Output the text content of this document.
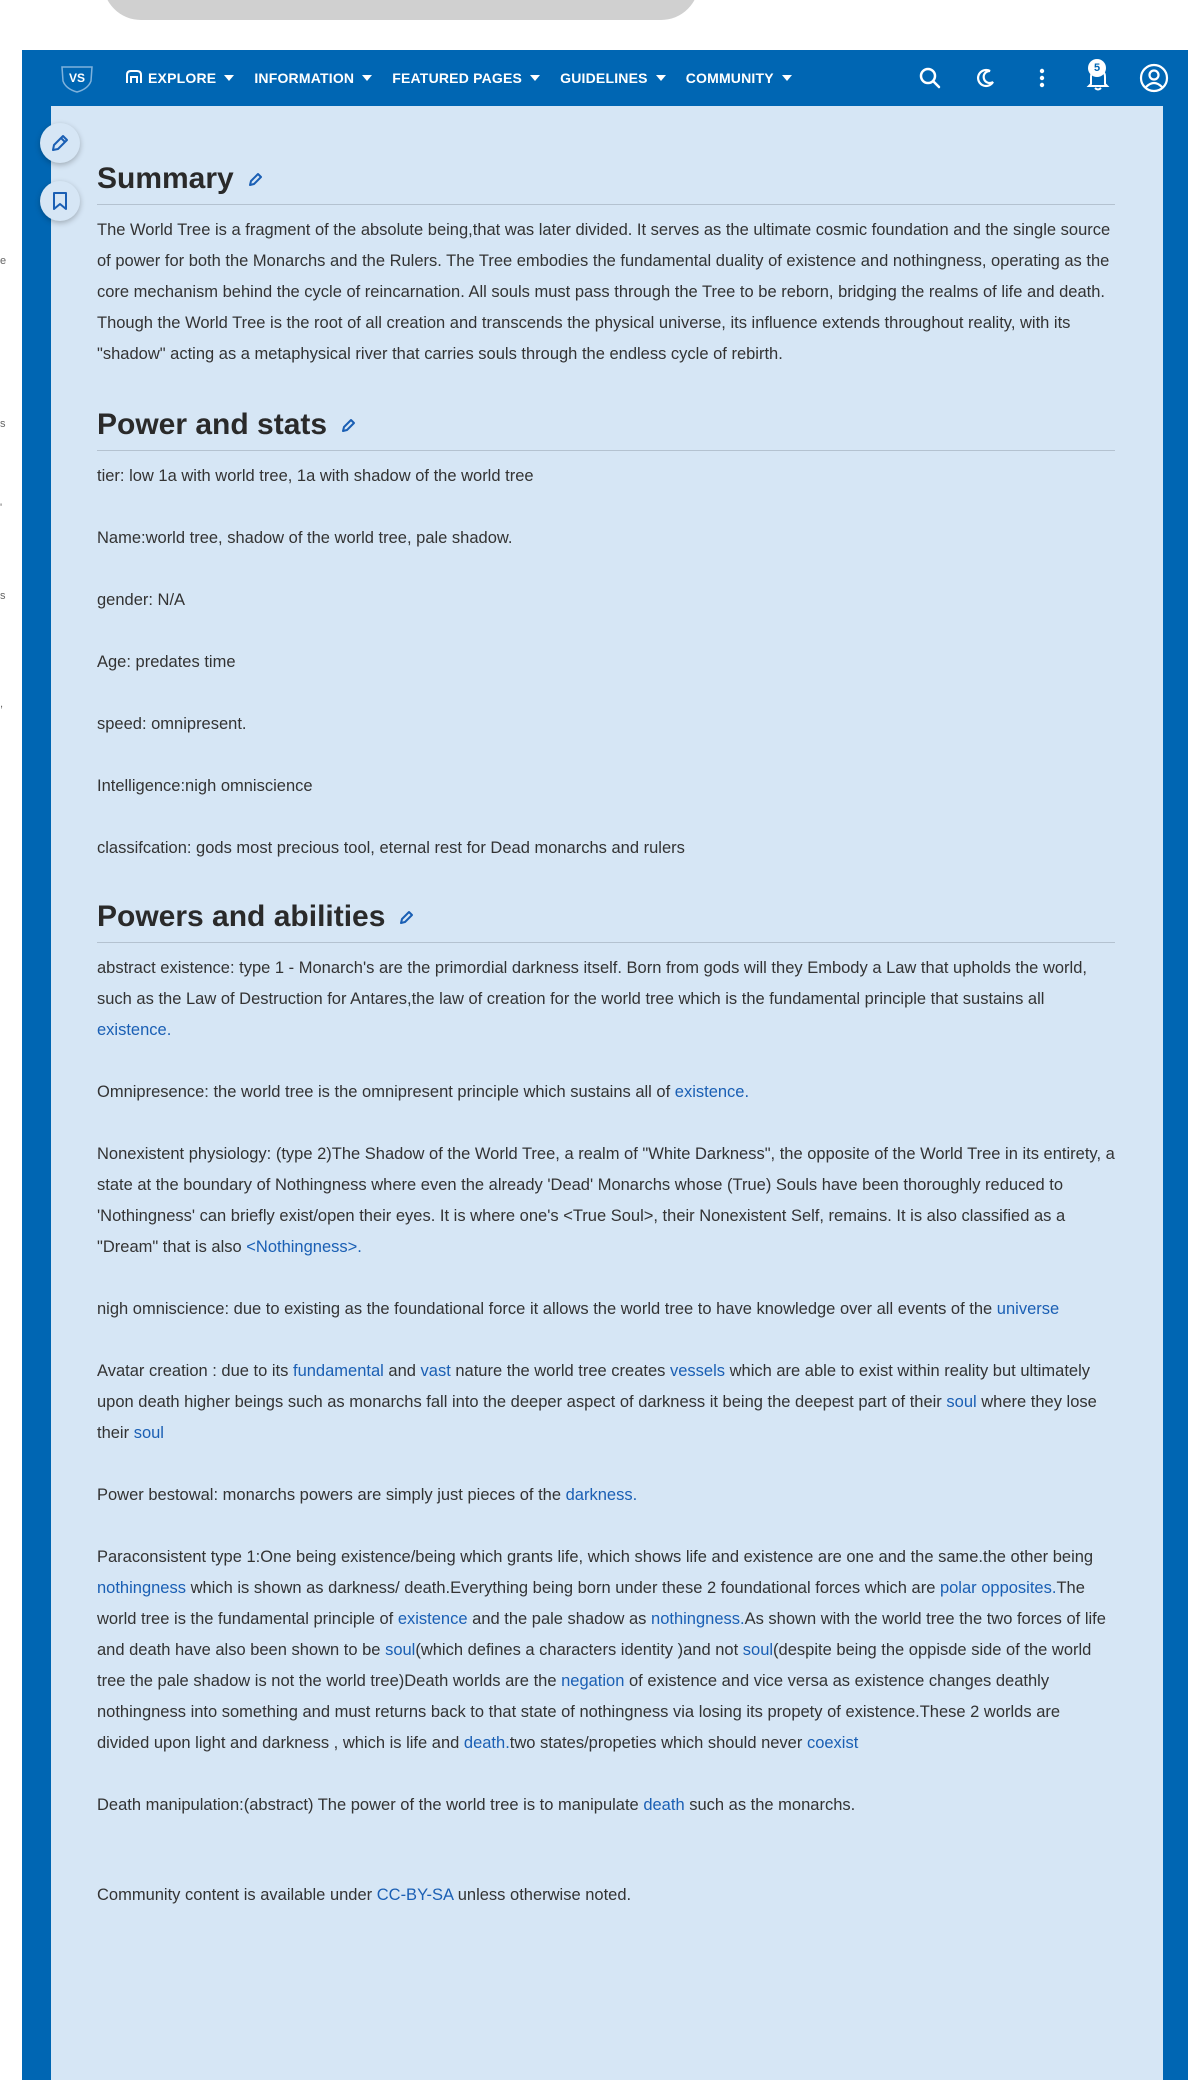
e
s
'
s
,
VS	EXPLORE	INFORMATION	FEATURED PAGES	GUIDELINES	COMMUNITY
5
Summary

The World Tree is a fragment of the absolute being,that was later divided. It serves as the ultimate cosmic foundation and the single source of power for both the Monarchs and the Rulers. The Tree embodies the fundamental duality of existence and nothingness, operating as the core mechanism behind the cycle of reincarnation. All souls must pass through the Tree to be reborn, bridging the realms of life and death. Though the World Tree is the root of all creation and transcends the physical universe, its influence extends throughout reality, with its "shadow" acting as a metaphysical river that carries souls through the endless cycle of rebirth.

Power and stats

tier: low 1a with world tree, 1a with shadow of the world tree

Name:world tree, shadow of the world tree, pale shadow.

gender: N/A

Age: predates time

speed: omnipresent.

Intelligence:nigh omniscience

classifcation: gods most precious tool, eternal rest for Dead monarchs and rulers

Powers and abilities

abstract existence: type 1 - Monarch's are the primordial darkness itself. Born from gods will they Embody a Law that upholds the world, such as the Law of Destruction for Antares,the law of creation for the world tree which is the fundamental principle that sustains all existence.

Omnipresence: the world tree is the omnipresent principle which sustains all of existence.

Nonexistent physiology: (type 2)The Shadow of the World Tree, a realm of "White Darkness", the opposite of the World Tree in its entirety, a state at the boundary of Nothingness where even the already 'Dead' Monarchs whose (True) Souls have been thoroughly reduced to 'Nothingness' can briefly exist/open their eyes. It is where one's <True Soul>, their Nonexistent Self, remains. It is also classified as a "Dream" that is also <Nothingness>.

nigh omniscience: due to existing as the foundational force it allows the world tree to have knowledge over all events of the universe

Avatar creation : due to its fundamental and vast nature the world tree creates vessels which are able to exist within reality but ultimately upon death higher beings such as monarchs fall into the deeper aspect of darkness it being the deepest part of their soul where they lose their soul

Power bestowal: monarchs powers are simply just pieces of the darkness.

Paraconsistent type 1:One being existence/being which grants life, which shows life and existence are one and the same.the other being nothingness which is shown as darkness/ death.Everything being born under these 2 foundational forces which are polar opposites.The world tree is the fundamental principle of existence and the pale shadow as nothingness.As shown with the world tree the two forces of life and death have also been shown to be soul(which defines a characters identity )and not soul(despite being the oppisde side of the world tree the pale shadow is not the world tree)Death worlds are the negation of existence and vice versa as existence changes deathly nothingness into something and must returns back to that state of nothingness via losing its propety of existence.These 2 worlds are divided upon light and darkness , which is life and death.two states/propeties which should never coexist

Death manipulation:(abstract) The power of the world tree is to manipulate death such as the monarchs.

Community content is available under CC-BY-SA unless otherwise noted.
